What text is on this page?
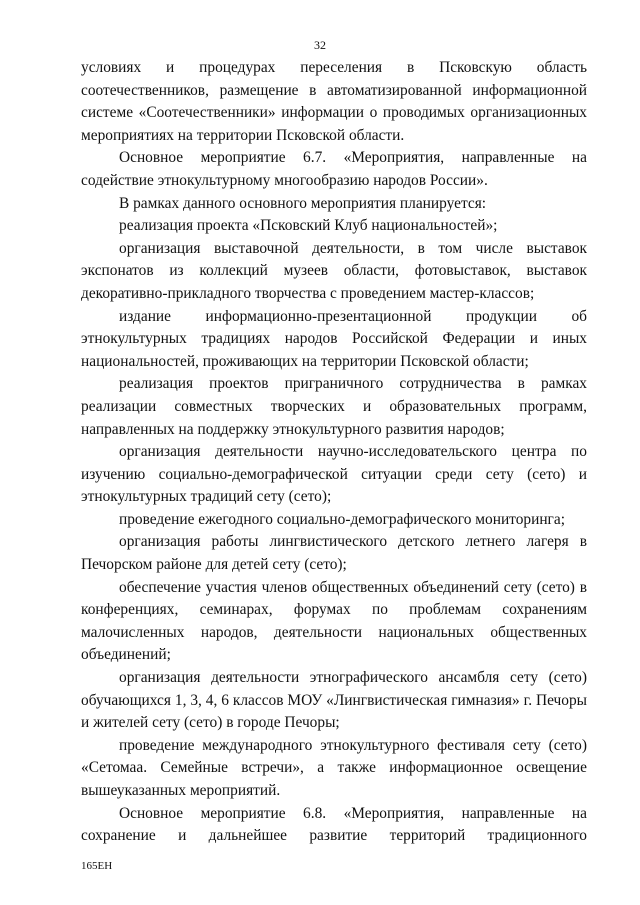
32

условиях и процедурах переселения в Псковскую область соотечественников, размещение в автоматизированной информационной системе «Соотечественники» информации о проводимых организационных мероприятиях на территории Псковской области.

Основное мероприятие 6.7. «Мероприятия, направленные на содействие этнокультурному многообразию народов России».

В рамках данного основного мероприятия планируется:

реализация проекта «Псковский Клуб национальностей»;

организация выставочной деятельности, в том числе выставок экспонатов из коллекций музеев области, фотовыставок, выставок декоративно-прикладного творчества с проведением мастер-классов;

издание информационно-презентационной продукции об этнокультурных традициях народов Российской Федерации и иных национальностей, проживающих на территории Псковской области;

реализация проектов приграничного сотрудничества в рамках реализации совместных творческих и образовательных программ, направленных на поддержку этнокультурного развития народов;

организация деятельности научно-исследовательского центра по изучению социально-демографической ситуации среди сету (сето) и этнокультурных традиций сету (сето);

проведение ежегодного социально-демографического мониторинга;

организация работы лингвистического детского летнего лагеря в Печорском районе для детей сету (сето);

обеспечение участия членов общественных объединений сету (сето) в конференциях, семинарах, форумах по проблемам сохранениям малочисленных народов, деятельности национальных общественных объединений;

организация деятельности этнографического ансамбля сету (сето) обучающихся 1, 3, 4, 6 классов МОУ «Лингвистическая гимназия» г. Печоры и жителей сету (сето) в городе Печоры;

проведение международного этнокультурного фестиваля сету (сето) «Сетомаа. Семейные встречи», а также информационное освещение вышеуказанных мероприятий.

Основное мероприятие 6.8. «Мероприятия, направленные на сохранение и дальнейшее развитие территорий традиционного

165ЕН
